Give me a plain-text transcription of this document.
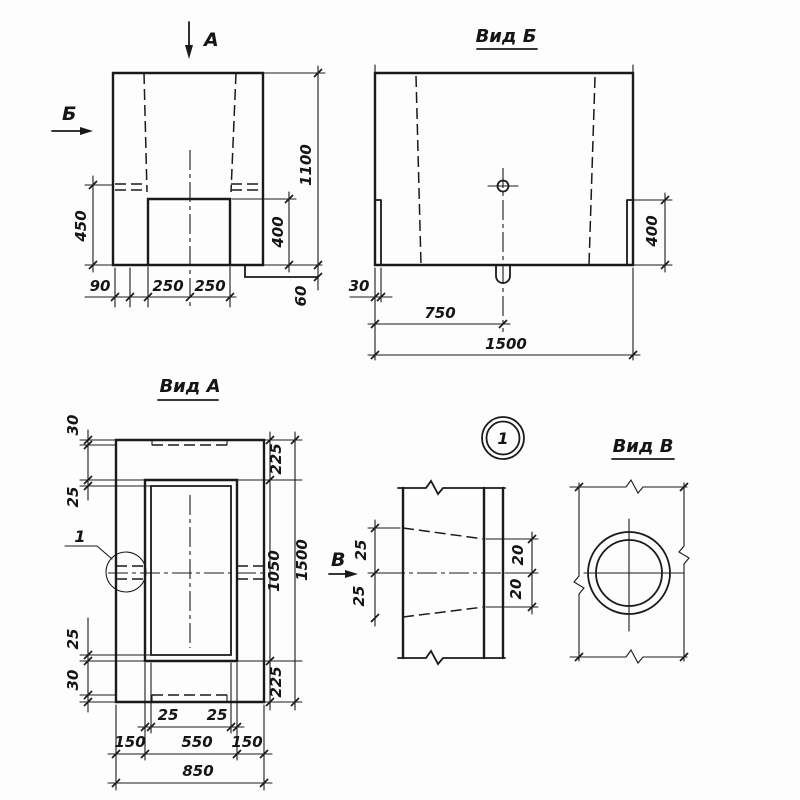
А
Б
450	400
1100
60
90	250 250
Вид Б
400
30
750
1500
Вид А
1
В
30
25
25
30
225
1050
225
1500
25 25
150 550 150
850
1
25
25
20
20
Вид В
